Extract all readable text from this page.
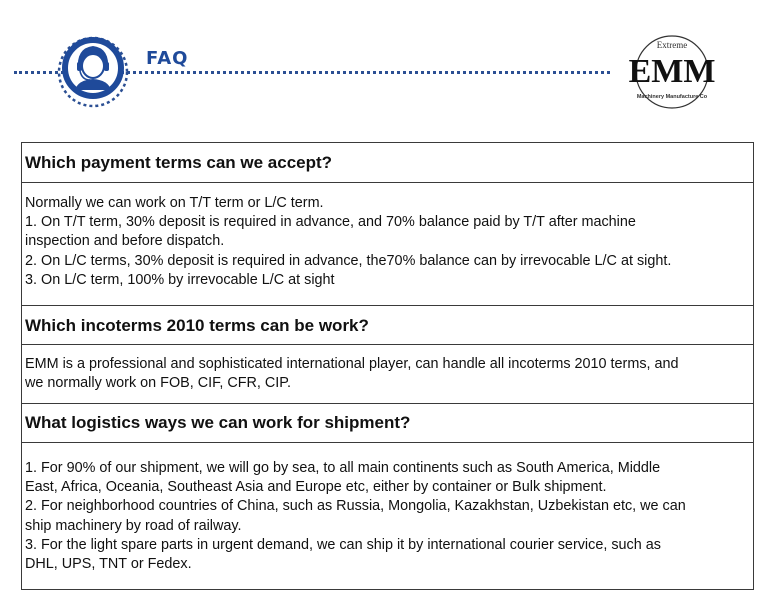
FAQ
Extreme
EMM
Machinery Manufacture Co
Which payment terms can we accept?
Normally we can work on T/T term or L/C term.
1. On T/T term, 30% deposit is required in advance, and 70% balance paid by T/T after machine
inspection and before dispatch.
2. On L/C terms, 30% deposit is required in advance, the70% balance can by irrevocable L/C at sight.
3. On L/C term, 100% by irrevocable L/C at sight
Which incoterms 2010 terms can be work?
EMM is a professional and sophisticated international player, can handle all incoterms 2010 terms, and
we normally work on FOB, CIF, CFR, CIP.
What logistics ways we can work for shipment?
1. For 90% of our shipment, we will go by sea, to all main continents such as South America, Middle
East, Africa, Oceania, Southeast Asia and Europe etc, either by container or Bulk shipment.
2. For neighborhood countries of China, such as Russia, Mongolia, Kazakhstan, Uzbekistan etc, we can
ship machinery by road of railway.
3. For the light spare parts in urgent demand, we can ship it by international courier service, such as
DHL, UPS, TNT or Fedex.
